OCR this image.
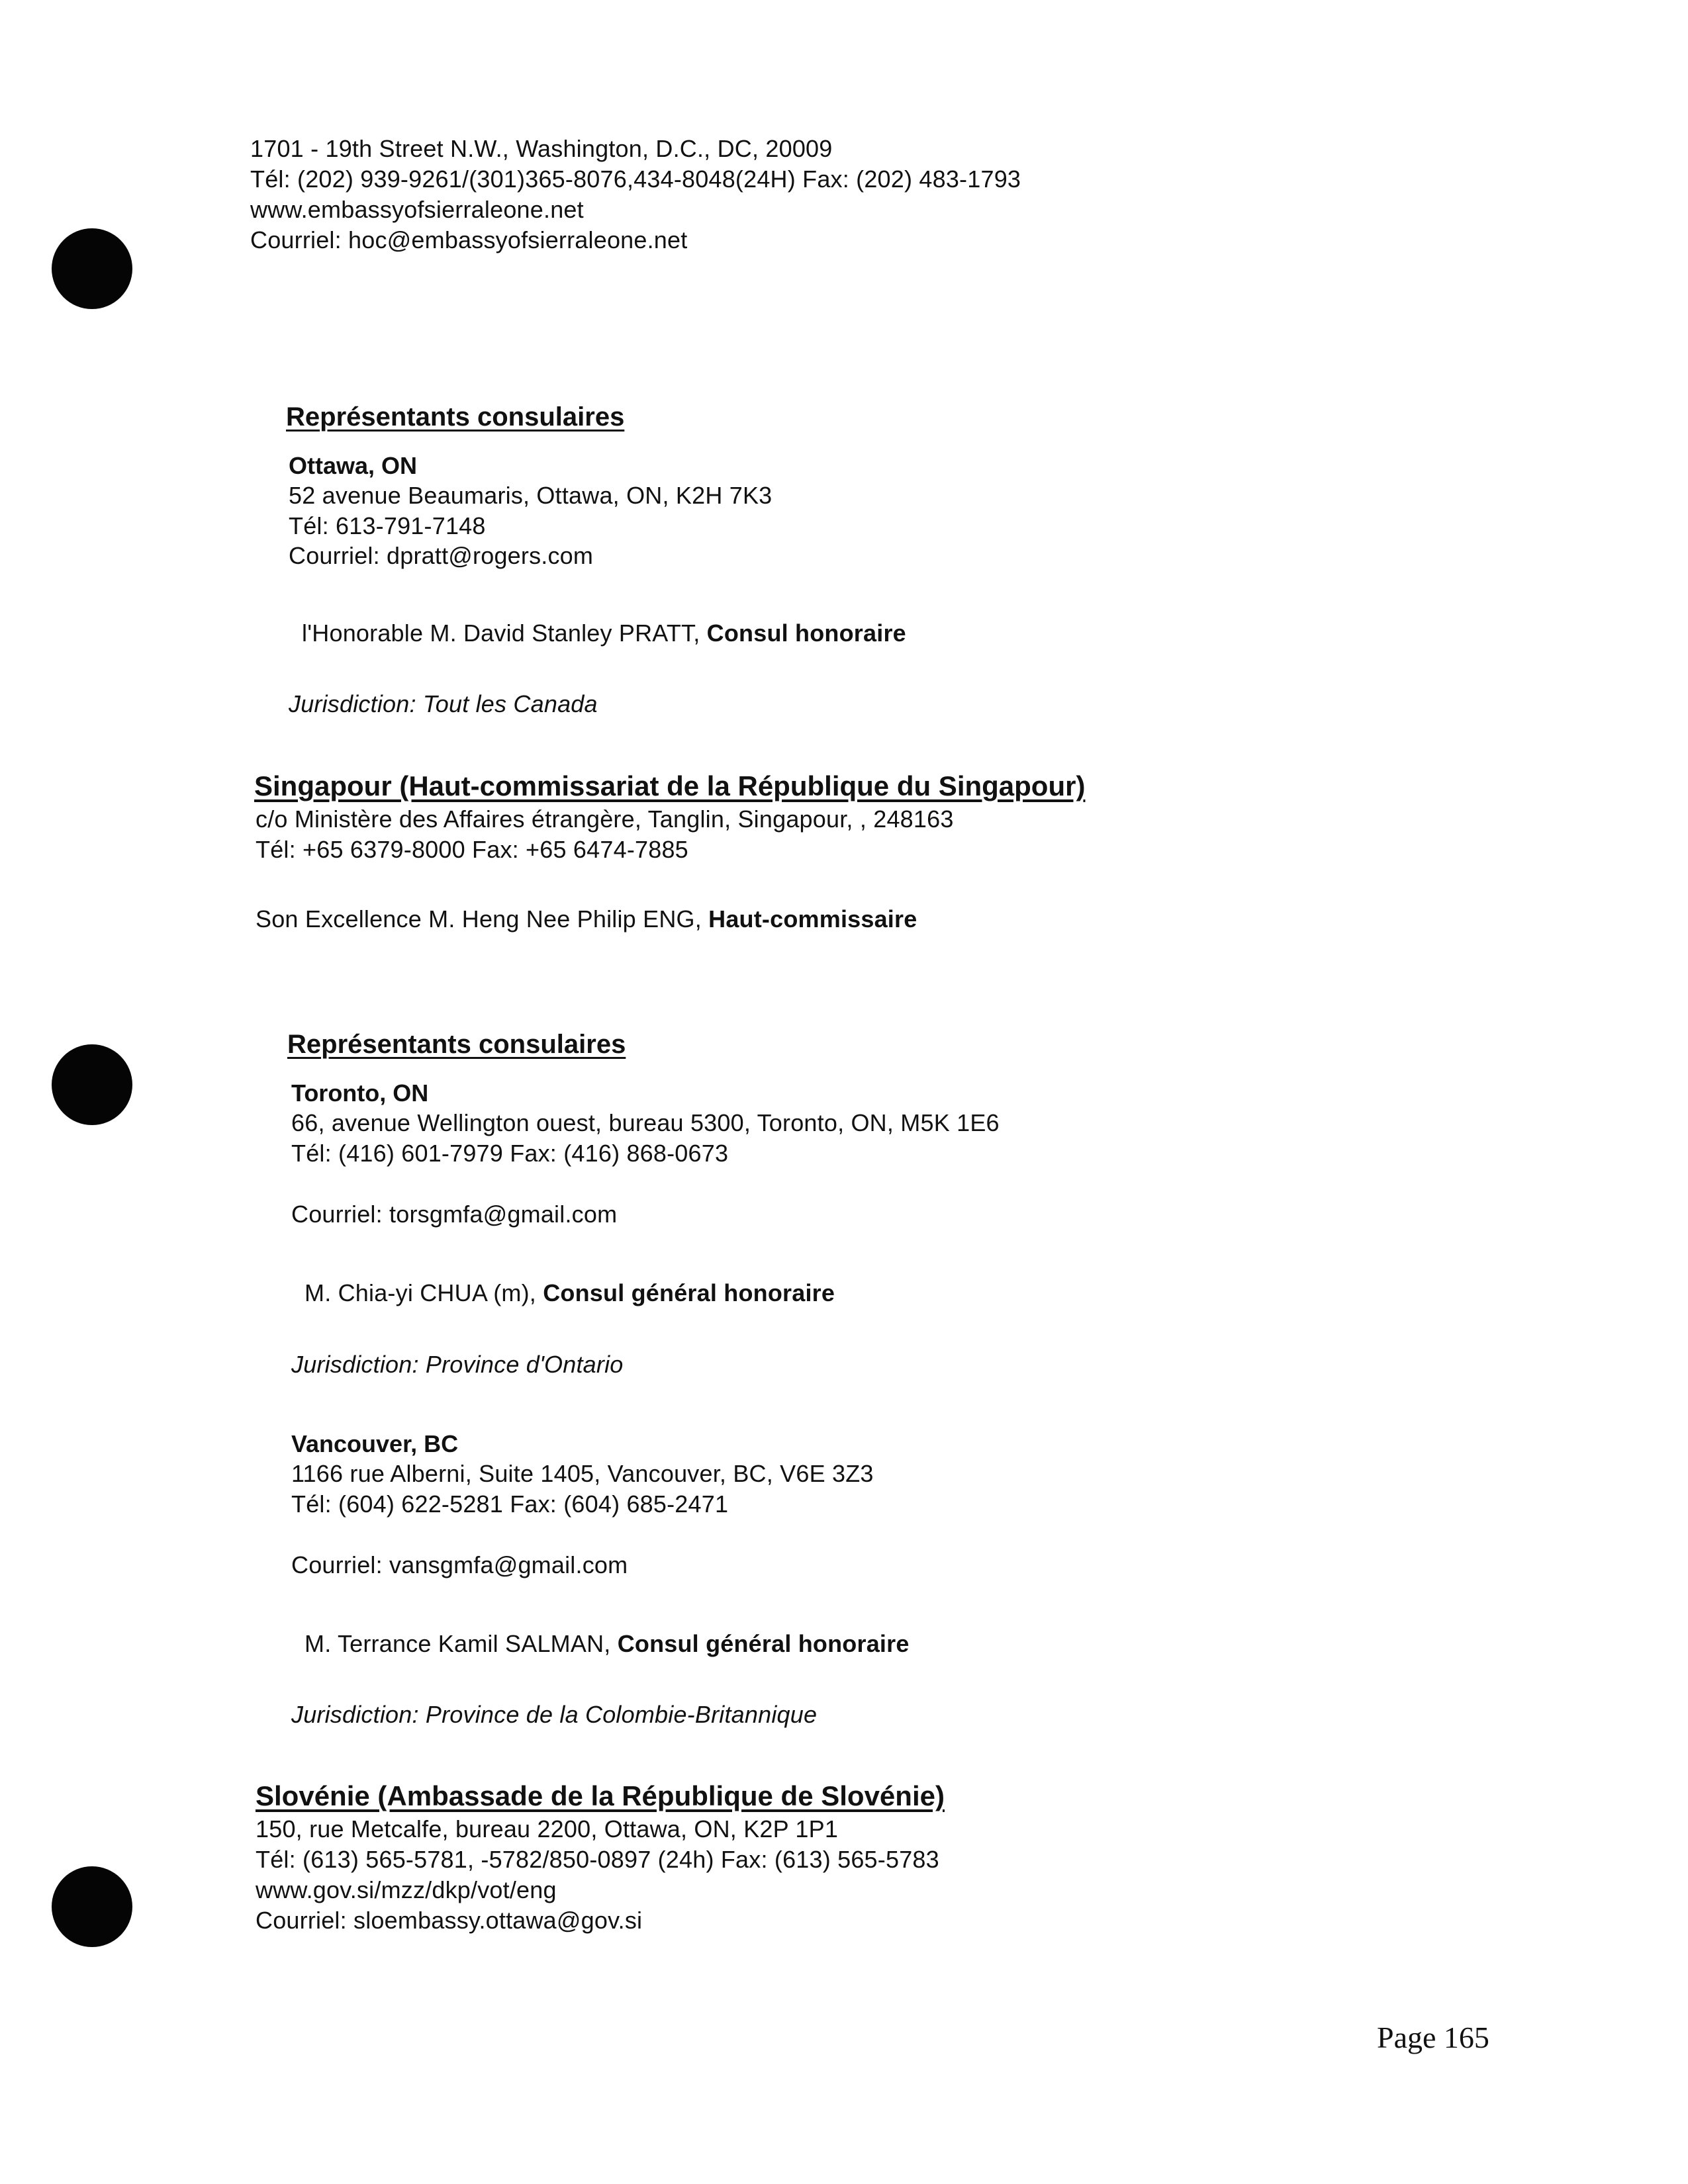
1701 - 19th Street N.W., Washington, D.C., DC, 20009
Tél: (202) 939-9261/(301)365-8076,434-8048(24H) Fax: (202) 483-1793
www.embassyofsierraleone.net
Courriel: hoc@embassyofsierraleone.net
Représentants consulaires
Ottawa, ON
52 avenue Beaumaris, Ottawa, ON, K2H 7K3
Tél: 613-791-7148
Courriel: dpratt@rogers.com
l'Honorable M. David Stanley PRATT, Consul honoraire
Jurisdiction: Tout les Canada
Singapour (Haut-commissariat de la République du Singapour)
c/o Ministère des Affaires étrangère, Tanglin, Singapour, , 248163
Tél: +65 6379-8000 Fax: +65 6474-7885
Son Excellence M. Heng Nee Philip ENG, Haut-commissaire
Représentants consulaires
Toronto, ON
66, avenue Wellington ouest, bureau 5300, Toronto, ON, M5K 1E6
Tél: (416) 601-7979 Fax: (416) 868-0673
Courriel: torsgmfa@gmail.com
M. Chia-yi CHUA (m), Consul général honoraire
Jurisdiction: Province d'Ontario
Vancouver, BC
1166 rue Alberni, Suite 1405, Vancouver, BC, V6E 3Z3
Tél: (604) 622-5281 Fax: (604) 685-2471
Courriel: vansgmfa@gmail.com
M. Terrance Kamil SALMAN, Consul général honoraire
Jurisdiction: Province de la Colombie-Britannique
Slovénie (Ambassade de la République de Slovénie)
150, rue Metcalfe, bureau 2200, Ottawa, ON, K2P 1P1
Tél: (613) 565-5781, -5782/850-0897 (24h) Fax: (613) 565-5783
www.gov.si/mzz/dkp/vot/eng
Courriel: sloembassy.ottawa@gov.si
Page 165
